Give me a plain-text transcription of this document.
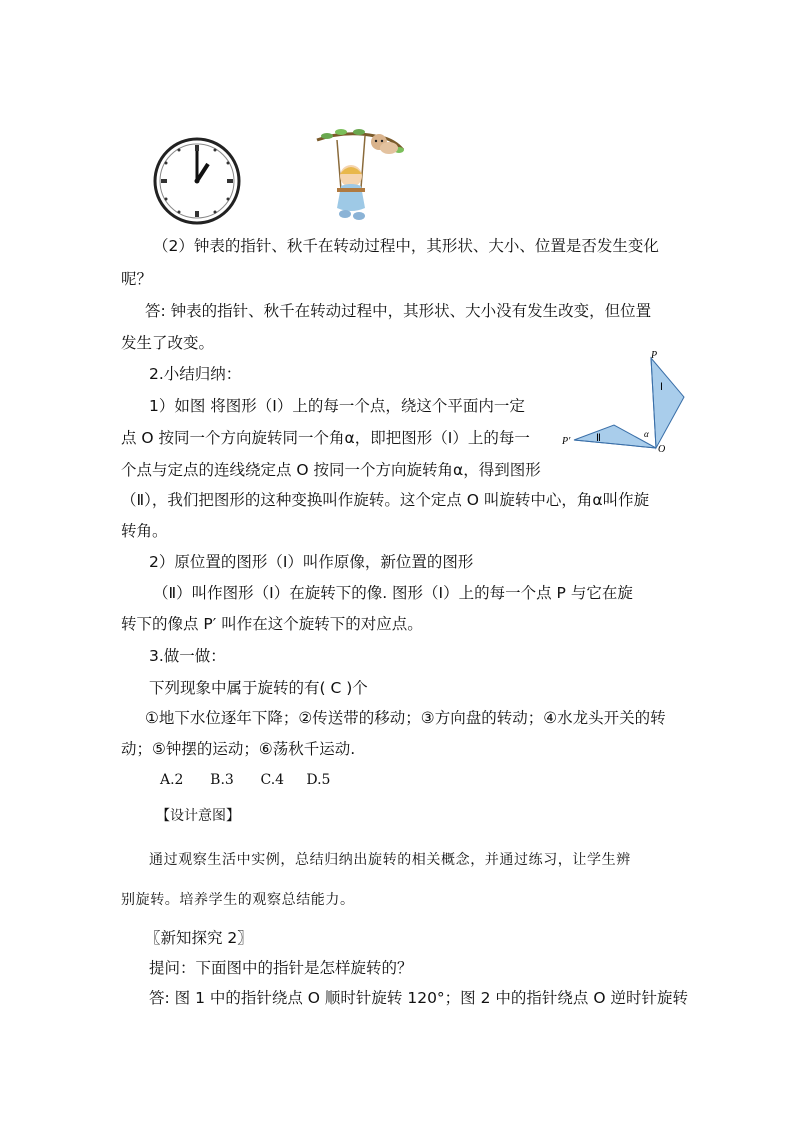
（2）钟表的指针、秋千在转动过程中，其形状、大小、位置是否发生变化
呢？
答: 钟表的指针、秋千在转动过程中，其形状、大小没有发生改变，但位置
发生了改变。
2.小结归纳：
1）如图 将图形（Ⅰ）上的每一个点，绕这个平面内一定
点 O 按同一个方向旋转同一个角α，即把图形（Ⅰ）上的每一
个点与定点的连线绕定点 O 按同一个方向旋转角α，得到图形
（Ⅱ），我们把图形的这种变换叫作旋转。这个定点 O 叫旋转中心，角α叫作旋
转角。
2）原位置的图形（Ⅰ）叫作原像，新位置的图形
（Ⅱ）叫作图形（Ⅰ）在旋转下的像. 图形（Ⅰ）上的每一个点 P 与它在旋
转下的像点 P′ 叫作在这个旋转下的对应点。
P
Ⅰ
P′	Ⅱ	α
O
3.做一做：
下列现象中属于旋转的有( C )个
①地下水位逐年下降；②传送带的移动；③方向盘的转动；④水龙头开关的转
动；⑤钟摆的运动；⑥荡秋千运动.
A.2      B.3      C.4     D.5
【设计意图】
通过观察生活中实例，总结归纳出旋转的相关概念，并通过练习，让学生辨
别旋转。培养学生的观察总结能力。
〖新知探究 2〗
提问：下面图中的指针是怎样旋转的？
答: 图 1 中的指针绕点 O 顺时针旋转 120°；图 2 中的指针绕点 O 逆时针旋转
